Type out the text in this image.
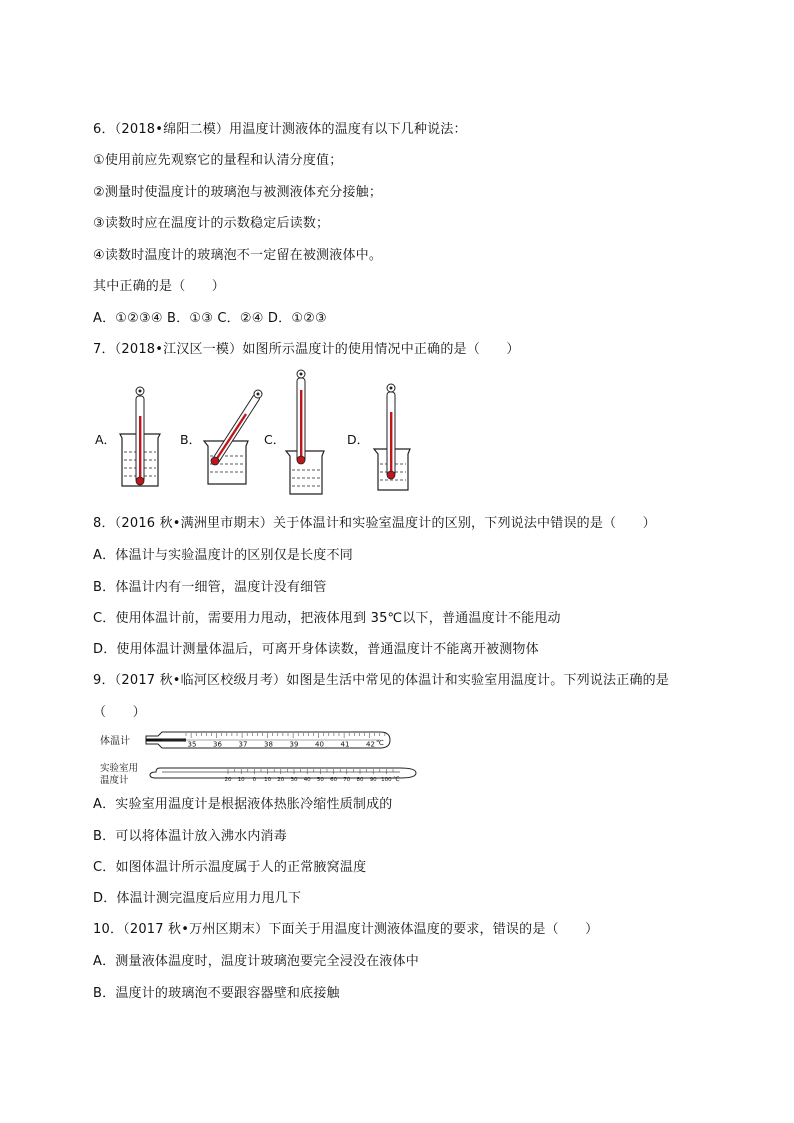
6．（2018•绵阳二模）用温度计测液体的温度有以下几种说法：
①使用前应先观察它的量程和认清分度值；
②测量时使温度计的玻璃泡与被测液体充分接触；
③读数时应在温度计的示数稳定后读数；
④读数时温度计的玻璃泡不一定留在被测液体中。
其中正确的是（　　）
A．①②③④ B．①③ C．②④ D．①②③
7．（2018•江汉区一模）如图所示温度计的使用情况中正确的是（　　）
A．	B．	C．	D．
8．（2016 秋•满洲里市期末）关于体温计和实验室温度计的区别，下列说法中错误的是（　　）
A．体温计与实验温度计的区别仅是长度不同
B．体温计内有一细管，温度计没有细管
C．使用体温计前，需要用力甩动，把液体甩到 35℃以下，普通温度计不能甩动
D．使用体温计测量体温后，可离开身体读数，普通温度计不能离开被测物体
9．（2017 秋•临河区校级月考）如图是生活中常见的体温计和实验室用温度计。下列说法正确的是
（　　）
体温计	35 36 37 38 39 40 41 42 ℃
实验室用
温度计	20 10 0 10 20 30 40 50 60 70 80 90 100 ℃
A．实验室用温度计是根据液体热胀冷缩性质制成的
B．可以将体温计放入沸水内消毒
C．如图体温计所示温度属于人的正常腋窝温度
D．体温计测完温度后应用力甩几下
10．（2017 秋•万州区期末）下面关于用温度计测液体温度的要求，错误的是（　　）
A．测量液体温度时，温度计玻璃泡要完全浸没在液体中
B．温度计的玻璃泡不要跟容器壁和底接触
